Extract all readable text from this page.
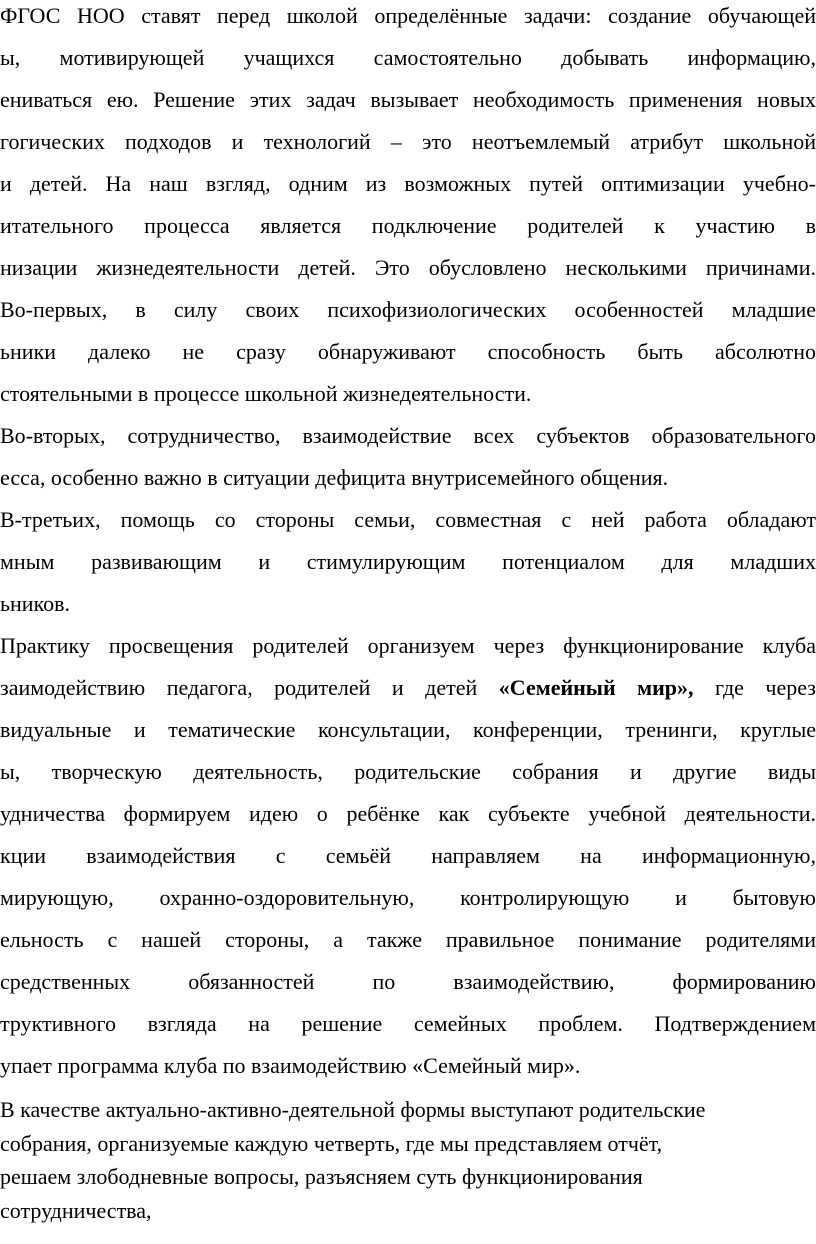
ФГОС НОО ставят перед школой определённые задачи: создание обучающей
ы, мотивирующей учащихся самостоятельно добывать информацию,
ениваться ею. Решение этих задач вызывает необходимость применения новых
гогических подходов и технологий – это неотъемлемый атрибут школьной
и детей. На наш взгляд, одним из возможных путей оптимизации учебно-
итательного процесса является подключение родителей к участию в
низации жизнедеятельности детей. Это обусловлено несколькими причинами.
Во-первых, в силу своих психофизиологических особенностей младшие
ьники далеко не сразу обнаруживают способность быть абсолютно
стоятельными в процессе школьной жизнедеятельности.
Во-вторых, сотрудничество, взаимодействие всех субъектов образовательного
есса, особенно важно в ситуации дефицита внутрисемейного общения.
В-третьих, помощь со стороны семьи, совместная с ней работа обладают
мным развивающим и стимулирующим потенциалом для младших
ьников.
Практику просвещения родителей организуем через функционирование клуба
заимодействию педагога, родителей и детей «Семейный мир», где через
видуальные и тематические консультации, конференции, тренинги, круглые
ы, творческую деятельность, родительские собрания и другие виды
удничества формируем идею о ребёнке как субъекте учебной деятельности.
кции взаимодействия с семьёй направляем на информационную,
мирующую, охранно-оздоровительную, контролирующую и бытовую
ельность с нашей стороны, а также правильное понимание родителями
средственных обязанностей по взаимодействию, формированию
труктивного взгляда на решение семейных проблем. Подтверждением
упает программа клуба по взаимодействию «Семейный мир».
В качестве актуально-активно-деятельной формы выступают родительские
собрания, организуемые каждую четверть, где мы представляем отчёт,
решаем злободневные вопросы, разъясняем суть функционирования
сотрудничества,
